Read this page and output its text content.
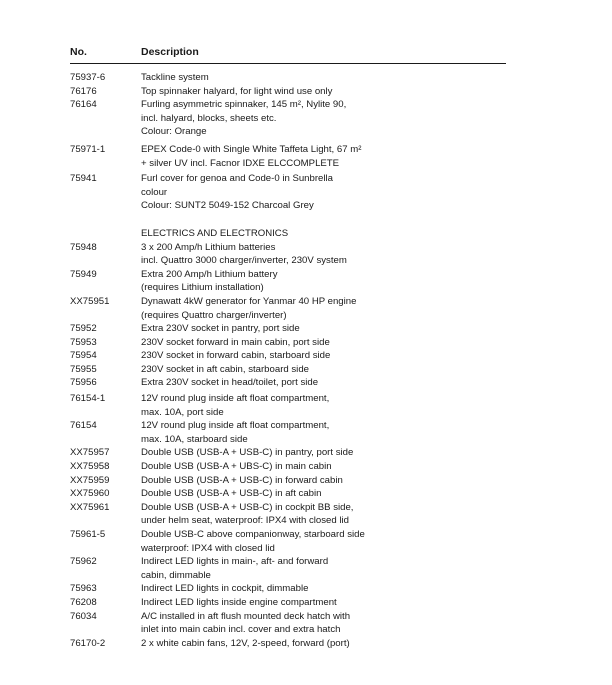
No.	Description
75937-6	Tackline system
76176	Top spinnaker halyard, for light wind use only
76164	Furling asymmetric spinnaker, 145 m², Nylite 90,
incl. halyard, blocks, sheets etc.
Colour: Orange
75971-1	EPEX Code-0 with Single White Taffeta Light, 67 m²
+ silver UV incl. Facnor IDXE ELCCOMPLETE
75941	Furl cover for genoa and Code-0 in Sunbrella
colour
Colour: SUNT2 5049-152 Charcoal Grey
ELECTRICS AND ELECTRONICS
75948	3 x 200 Amp/h Lithium batteries
incl. Quattro 3000 charger/inverter, 230V system
75949	Extra 200 Amp/h Lithium battery
(requires Lithium installation)
XX75951	Dynawatt 4kW generator for Yanmar 40 HP engine
(requires Quattro charger/inverter)
75952	Extra 230V socket in pantry, port side
75953	230V socket forward in main cabin, port side
75954	230V socket in forward cabin, starboard side
75955	230V socket in aft cabin, starboard side
75956	Extra 230V socket in head/toilet, port side
76154-1	12V round plug inside aft float compartment,
max. 10A, port side
76154	12V round plug inside aft float compartment,
max. 10A, starboard side
XX75957	Double USB (USB-A + USB-C) in pantry, port side
XX75958	Double USB (USB-A + UBS-C) in main cabin
XX75959	Double USB (USB-A + USB-C) in forward cabin
XX75960	Double USB (USB-A + USB-C) in aft cabin
XX75961	Double USB (USB-A + USB-C) in cockpit BB side,
under helm seat, waterproof: IPX4 with closed lid
75961-5	Double USB-C above companionway, starboard side
waterproof: IPX4 with closed lid
75962	Indirect LED lights in main-, aft- and forward
cabin, dimmable
75963	Indirect LED lights in cockpit, dimmable
76208	Indirect LED lights inside engine compartment
76034	A/C installed in aft flush mounted deck hatch with
inlet into main cabin incl. cover and extra hatch
76170-2	2 x white cabin fans, 12V, 2-speed, forward (port)
